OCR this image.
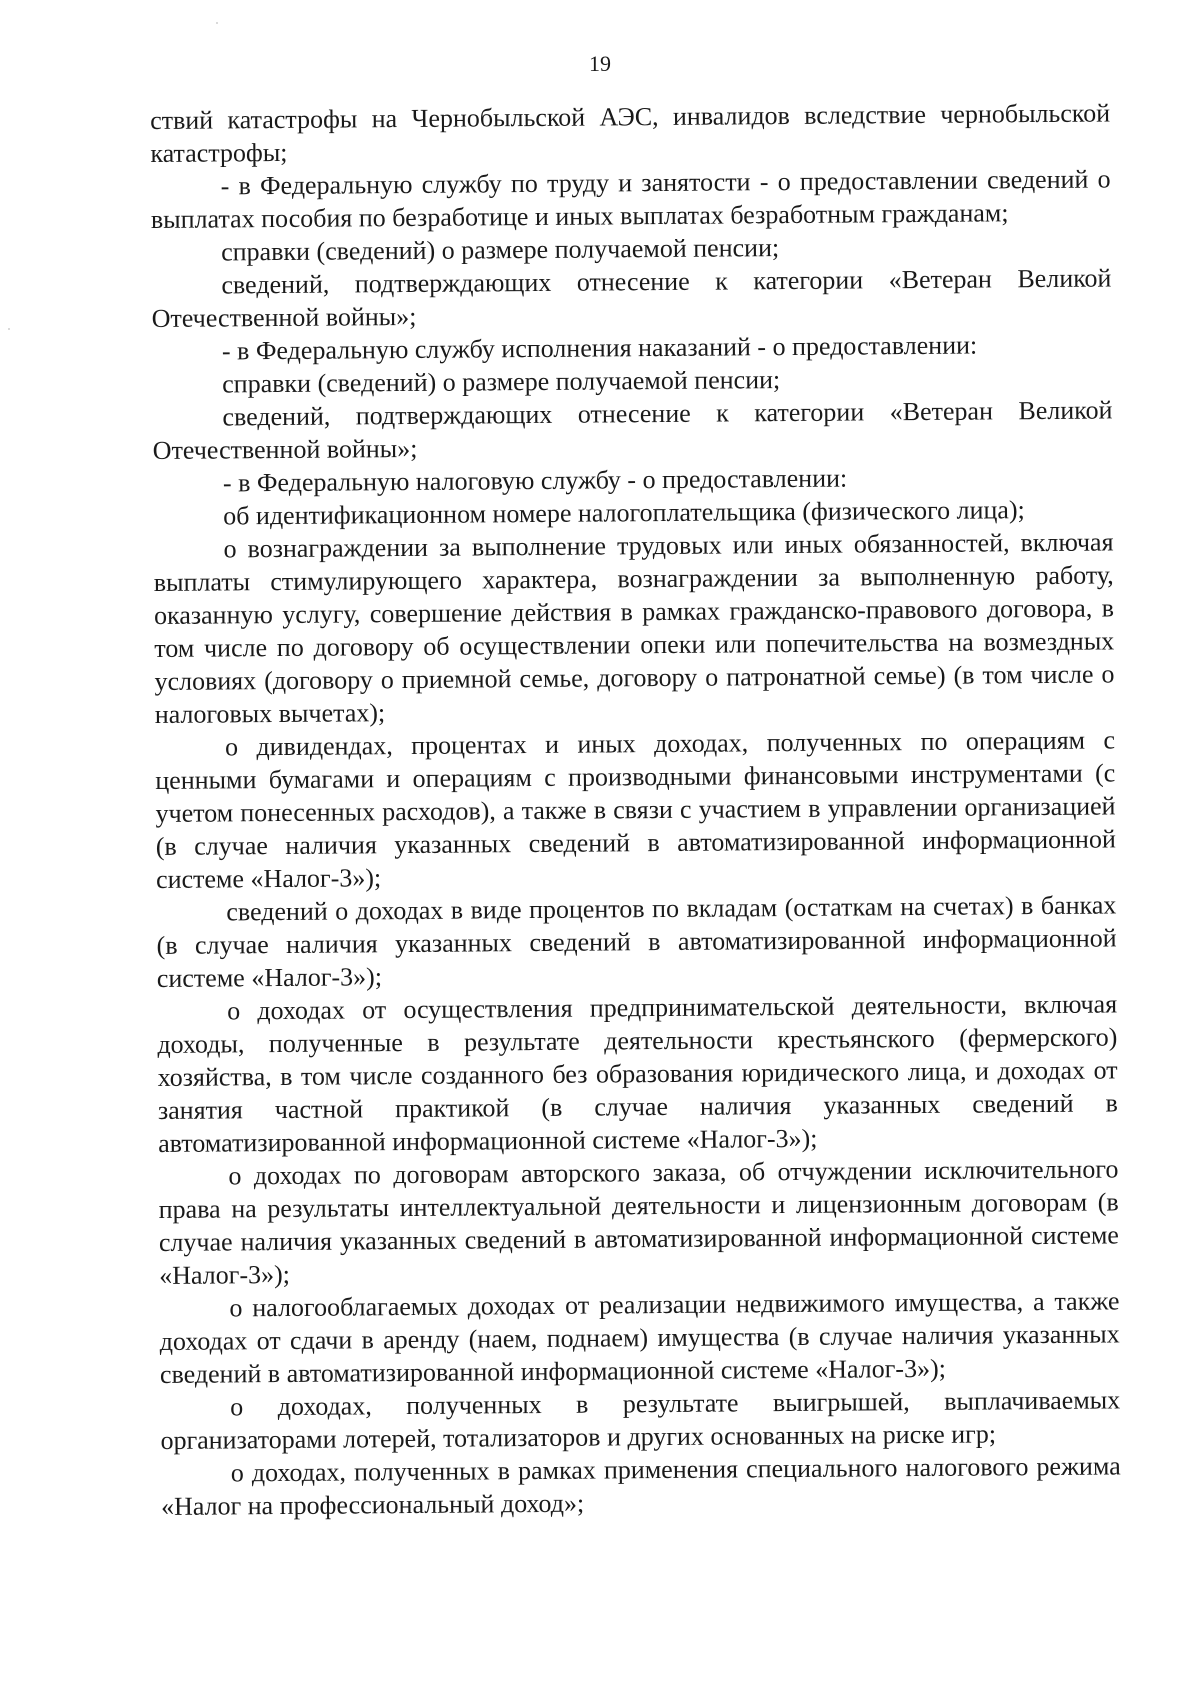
19

ствий катастрофы на Чернобыльской АЭС, инвалидов вследствие чернобыльской катастрофы;

- в Федеральную службу по труду и занятости - о предоставлении сведений о выплатах пособия по безработице и иных выплатах безработным гражданам;

справки (сведений) о размере получаемой пенсии;

сведений, подтверждающих отнесение к категории «Ветеран Великой Отечественной войны»;

- в Федеральную службу исполнения наказаний - о предоставлении:

справки (сведений) о размере получаемой пенсии;

сведений, подтверждающих отнесение к категории «Ветеран Великой Отечественной войны»;

- в Федеральную налоговую службу - о предоставлении:

об идентификационном номере налогоплательщика (физического лица);

о вознаграждении за выполнение трудовых или иных обязанностей, включая выплаты стимулирующего характера, вознаграждении за выполненную работу, оказанную услугу, совершение действия в рамках гражданско-правового договора, в том числе по договору об осуществлении опеки или попечительства на возмездных условиях (договору о приемной семье, договору о патронатной семье) (в том числе о налоговых вычетах);

о дивидендах, процентах и иных доходах, полученных по операциям с ценными бумагами и операциям с производными финансовыми инструментами (с учетом понесенных расходов), а также в связи с участием в управлении организацией (в случае наличия указанных сведений в автоматизированной информационной системе «Налог-3»);

сведений о доходах в виде процентов по вкладам (остаткам на счетах) в банках (в случае наличия указанных сведений в автоматизированной информационной системе «Налог-3»);

о доходах от осуществления предпринимательской деятельности, включая доходы, полученные в результате деятельности крестьянского (фермерского) хозяйства, в том числе созданного без образования юридического лица, и доходах от занятия частной практикой (в случае наличия указанных сведений в автоматизированной информационной системе «Налог-3»);

о доходах по договорам авторского заказа, об отчуждении исключительного права на результаты интеллектуальной деятельности и лицензионным договорам (в случае наличия указанных сведений в автоматизированной информационной системе «Налог-3»);

о налогооблагаемых доходах от реализации недвижимого имущества, а также доходах от сдачи в аренду (наем, поднаем) имущества (в случае наличия указанных сведений в автоматизированной информационной системе «Налог-3»);

о доходах, полученных в результате выигрышей, выплачиваемых организаторами лотерей, тотализаторов и других основанных на риске игр;

о доходах, полученных в рамках применения специального налогового режима «Налог на профессиональный доход»;
